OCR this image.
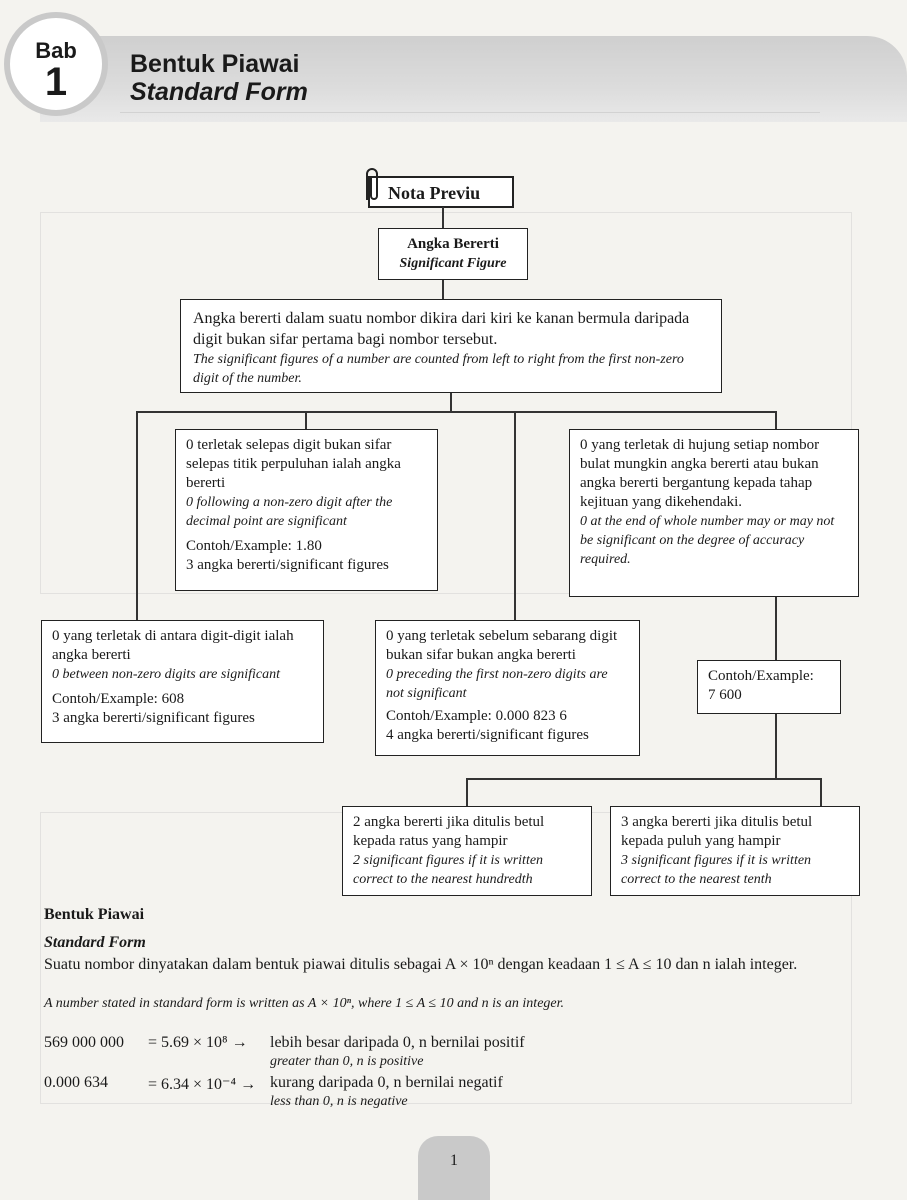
Bab
1	Bentuk Piawai
Standard Form
Nota Previu
Angka Bererti
Significant Figure
Angka bererti dalam suatu nombor dikira dari kiri ke kanan bermula daripada digit bukan sifar pertama bagi nombor tersebut.
The significant figures of a number are counted from left to right from the first non-zero digit of the number.
0 terletak selepas digit bukan sifar selepas titik perpuluhan ialah angka bererti
0 following a non-zero digit after the decimal point are significant
Contoh/Example: 1.80
3 angka bererti/significant figures
0 yang terletak di hujung setiap nombor bulat mungkin angka bererti atau bukan angka bererti bergantung kepada tahap kejituan yang dikehendaki.
0 at the end of whole number may or may not be significant on the degree of accuracy required.
0 yang terletak di antara digit-digit ialah angka bererti
0 between non-zero digits are significant
Contoh/Example: 608
3 angka bererti/significant figures
0 yang terletak sebelum sebarang digit bukan sifar bukan angka bererti
0 preceding the first non-zero digits are not significant
Contoh/Example: 0.000 823 6
4 angka bererti/significant figures
Contoh/Example:
7 600
2 angka bererti jika ditulis betul kepada ratus yang hampir
2 significant figures if it is written correct to the nearest hundredth
3 angka bererti jika ditulis betul kepada puluh yang hampir
3 significant figures if it is written correct to the nearest tenth
Bentuk Piawai
Standard Form
Suatu nombor dinyatakan dalam bentuk piawai ditulis sebagai A × 10ⁿ dengan keadaan 1 ≤ A ≤ 10 dan n ialah integer.
A number stated in standard form is written as A × 10ⁿ, where 1 ≤ A ≤ 10 and n is an integer.
569 000 000 = 5.69 × 10⁸ → lebih besar daripada 0, n bernilai positif
greater than 0, n is positive
0.000 634	= 6.34 × 10⁻⁴ → kurang daripada 0, n bernilai negatif
less than 0, n is negative
1
